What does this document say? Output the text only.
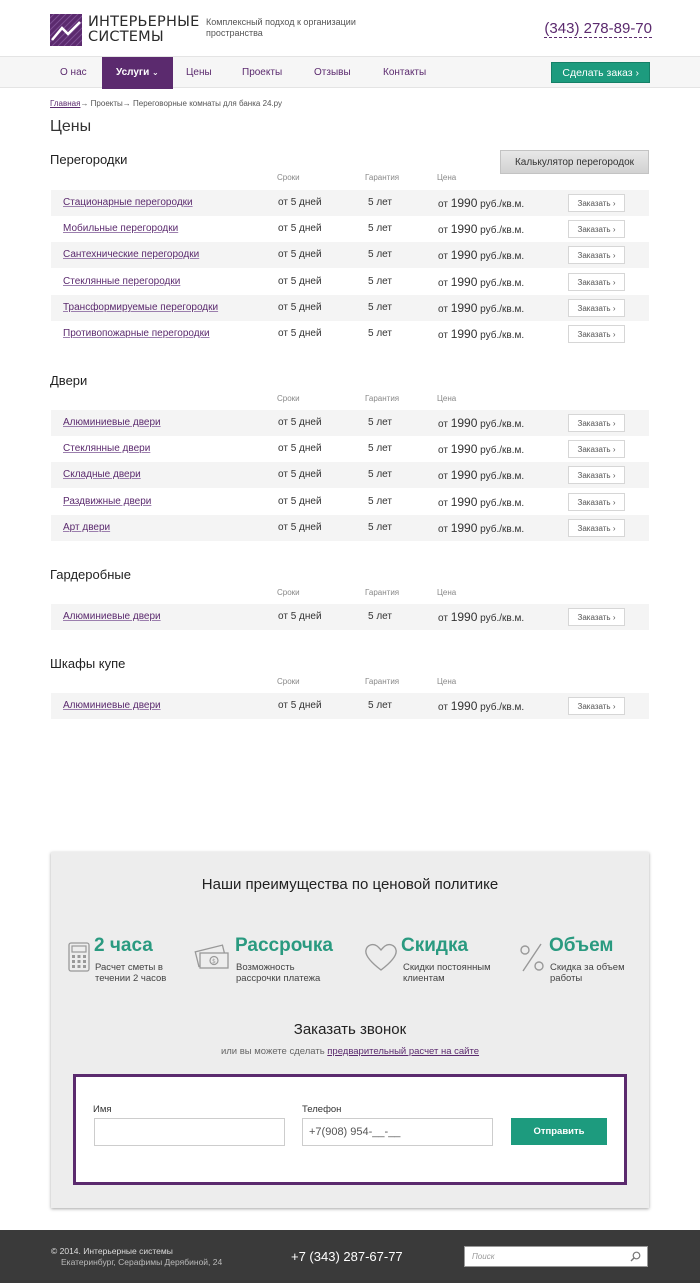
ИНТЕРЬЕРНЫЕ
СИСТЕМЫ
Комплексный подход к организации пространства	(343) 278-89-70
О нас	Услуги ⌄	Цены	Проекты	Отзывы	Контакты	Сделать заказ ›
Главная→ Проекты→ Переговорные комнаты для банка 24.ру
Цены
Калькулятор перегородок
Перегородки
Сроки	Гарантия	Цена
Стационарные перегородки	от 5 дней	5 лет	от 1990 руб./кв.м.	Заказать ›
Мобильные перегородки	от 5 дней	5 лет	от 1990 руб./кв.м.	Заказать ›
Сантехнические перегородки	от 5 дней	5 лет	от 1990 руб./кв.м.	Заказать ›
Стеклянные перегородки	от 5 дней	5 лет	от 1990 руб./кв.м.	Заказать ›
Трансформируемые перегородки	от 5 дней	5 лет	от 1990 руб./кв.м.	Заказать ›
Противопожарные перегородки	от 5 дней	5 лет	от 1990 руб./кв.м.	Заказать ›
Двери
Сроки	Гарантия	Цена
Алюминиевые двери	от 5 дней	5 лет	от 1990 руб./кв.м.	Заказать ›
Стеклянные двери	от 5 дней	5 лет	от 1990 руб./кв.м.	Заказать ›
Складные двери	от 5 дней	5 лет	от 1990 руб./кв.м.	Заказать ›
Раздвижные двери	от 5 дней	5 лет	от 1990 руб./кв.м.	Заказать ›
Арт двери	от 5 дней	5 лет	от 1990 руб./кв.м.	Заказать ›
Гардеробные
Сроки	Гарантия	Цена
Алюминиевые двери	от 5 дней	5 лет	от 1990 руб./кв.м.	Заказать ›
Шкафы купе
Сроки	Гарантия	Цена
Алюминиевые двери	от 5 дней	5 лет	от 1990 руб./кв.м.	Заказать ›
Наши преимущества по ценовой политике
2 часа
Расчет сметы в
течении 2 часов
$
Рассрочка
Возможность
рассрочки платежа
Скидка
Скидки постоянным
клиентам
Объем
Скидка за объем
работы
Заказать звонок
или вы можете сделать предварительный расчет на сайте
Имя	Телефон
+7(908) 954-__-__	Отправить
© 2014. Интерьерные системы
Екатеринбург, Серафимы Дерябиной, 24	+7 (343) 287-67-77	Поиск
